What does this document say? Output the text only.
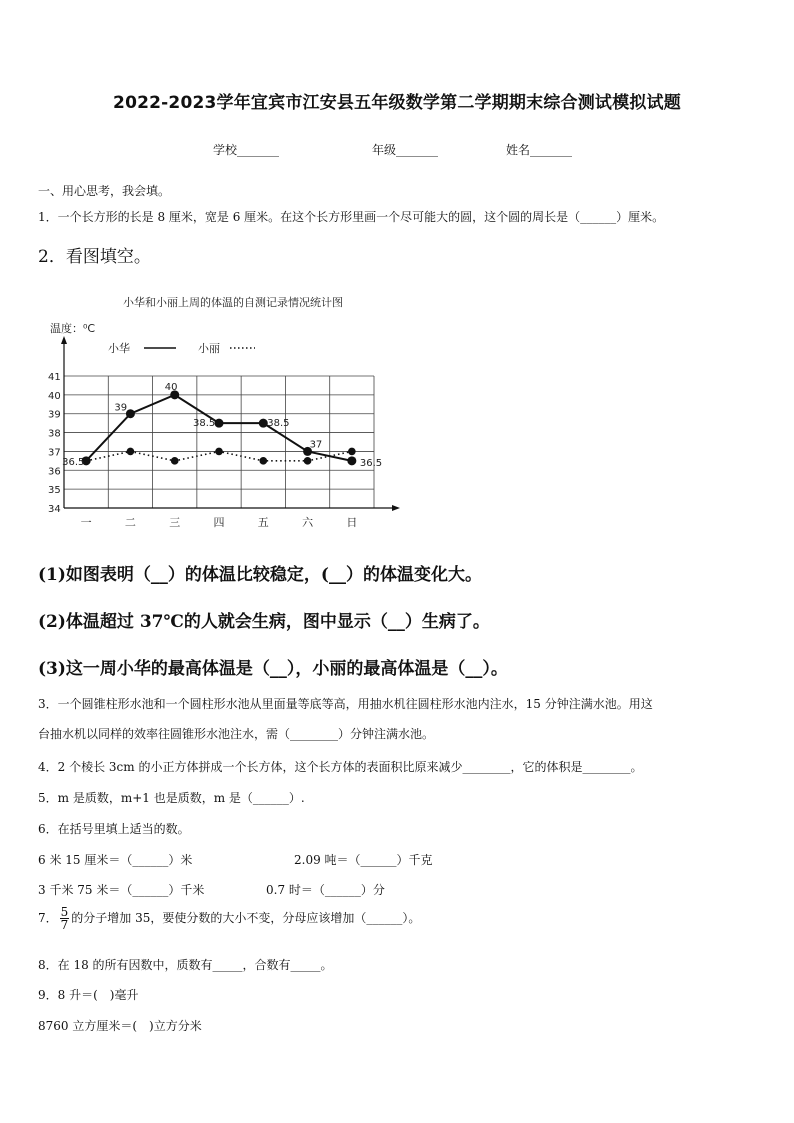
2022-2023学年宜宾市江安县五年级数学第二学期期末综合测试模拟试题
学校_______	年级_______	姓名_______
一、用心思考，我会填。
1．一个长方形的长是 8 厘米，宽是 6 厘米。在这个长方形里画一个尽可能大的圆，这个圆的周长是（______）厘米。
2．看图填空。
小华和小丽上周的体温的自测记录情况统计图
温度：⁰C
小华	小丽
34
35
36
37
38
39
40
41
一	二	三	四	五	六	日
36.5
39
40
38.5	38.5
37
36.5
(1)如图表明（__）的体温比较稳定，(__）的体温变化大。
(2)体温超过 37℃的人就会生病，图中显示（__）生病了。
(3)这一周小华的最高体温是（__），小丽的最高体温是（__）。
3．一个圆锥柱形水池和一个圆柱形水池从里面量等底等高，用抽水机往圆柱形水池内注水，15 分钟注满水池。用这
台抽水机以同样的效率往圆锥形水池注水，需（________）分钟注满水池。
4．2 个棱长 3cm 的小正方体拼成一个长方体，这个长方体的表面积比原来减少________，它的体积是________。
5．m 是质数，m+1 也是质数，m 是（______）.
6．在括号里填上适当的数。
6 米 15 厘米＝（______）米	2.09 吨＝（______）千克
3 千米 75 米＝（______）千米	0.7 时＝（______）分
7． $\frac{5}{7}$ 的分子增加 35，要使分数的大小不变，分母应该增加（______）。
8．在 18 的所有因数中，质数有_____，合数有_____。
9．8 升＝(　)毫升
8760 立方厘米＝(　)立方分米
